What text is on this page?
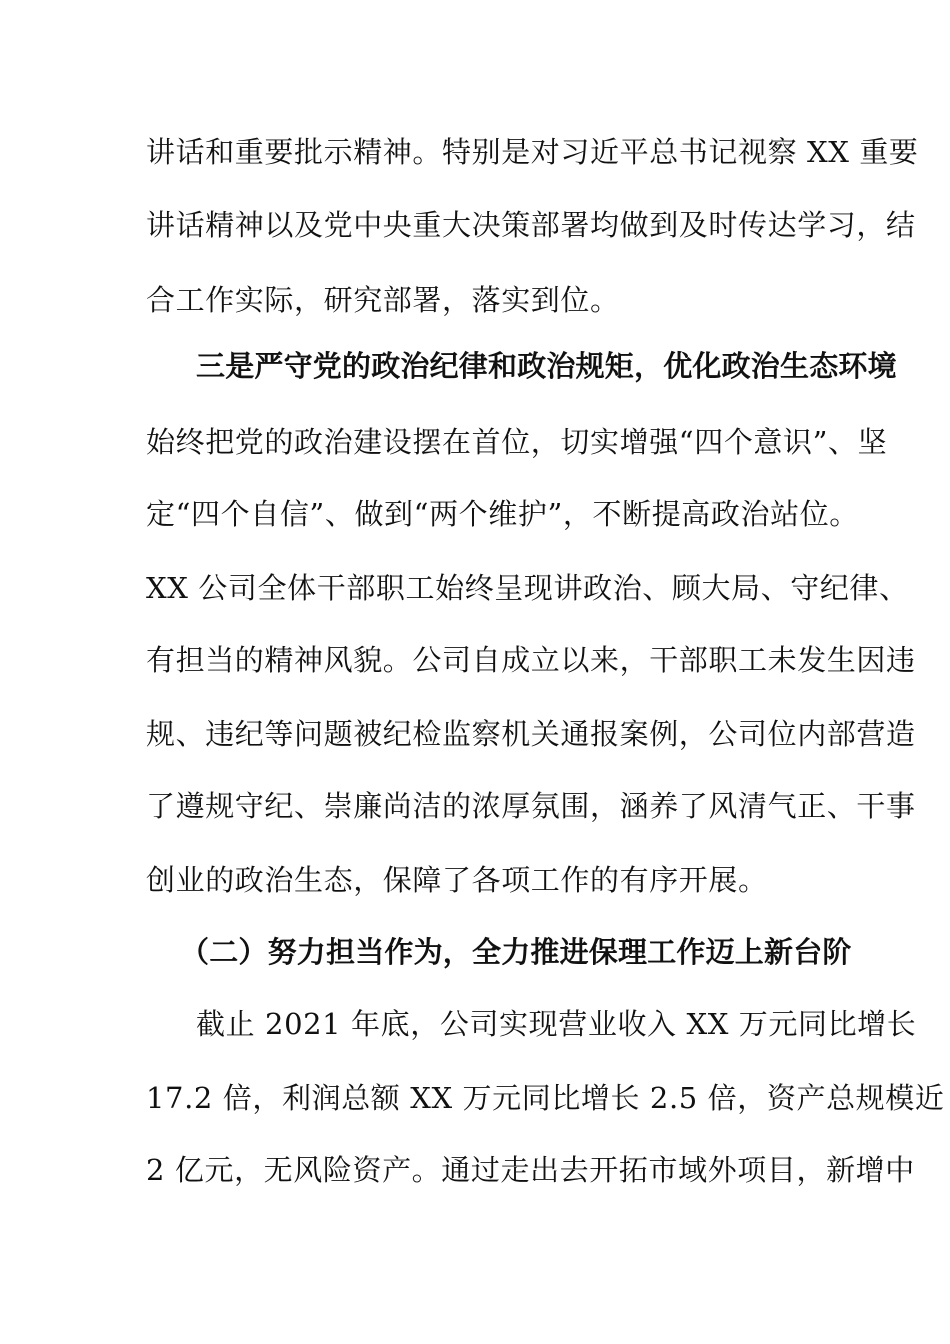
讲话和重要批示精神。特别是对习近平总书记视察 XX 重要
讲话精神以及党中央重大决策部署均做到及时传达学习，结
合工作实际，研究部署，落实到位。
三是严守党的政治纪律和政治规矩，优化政治生态环境
始终把党的政治建设摆在首位，切实增强“四个意识”、坚
定“四个自信”、做到“两个维护”，不断提高政治站位。
XX 公司全体干部职工始终呈现讲政治、顾大局、守纪律、
有担当的精神风貌。公司自成立以来，干部职工未发生因违
规、违纪等问题被纪检监察机关通报案例，公司位内部营造
了遵规守纪、崇廉尚洁的浓厚氛围，涵养了风清气正、干事
创业的政治生态，保障了各项工作的有序开展。
（二）努力担当作为，全力推进保理工作迈上新台阶
截止 2021 年底，公司实现营业收入 XX 万元同比增长
17.2 倍，利润总额 XX 万元同比增长 2.5 倍，资产总规模近
2 亿元，无风险资产。通过走出去开拓市域外项目，新增中
